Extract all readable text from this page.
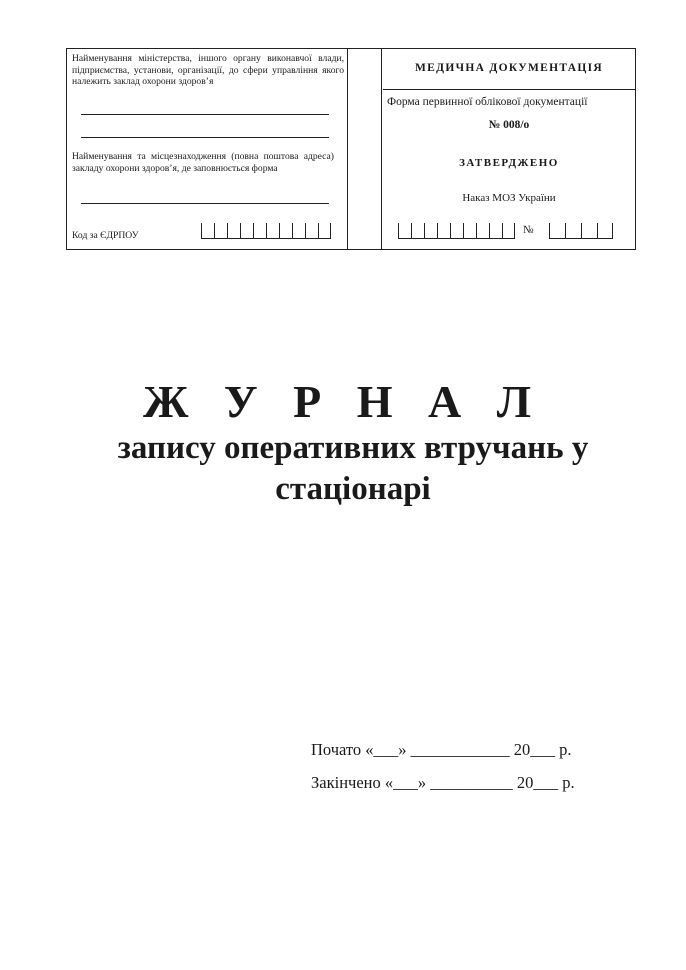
Найменування міністерства, іншого органу виконавчої влади, підприємства, установи, організації, до сфери управління якого належить заклад охорони здоров’я
Найменування та місцезнаходження (повна поштова адреса) закладу охорони здоров’я, де заповнюється форма
Код за ЄДРПОУ
МЕДИЧНА ДОКУМЕНТАЦІЯ
Форма первинної облікової документації
№ 008/о
ЗАТВЕРДЖЕНО
Наказ МОЗ України
№
Ж У Р Н А Л
запису оперативних втручань у стаціонарі
Почато «___» ____________ 20___ р.
Закінчено «___» __________ 20___ р.
